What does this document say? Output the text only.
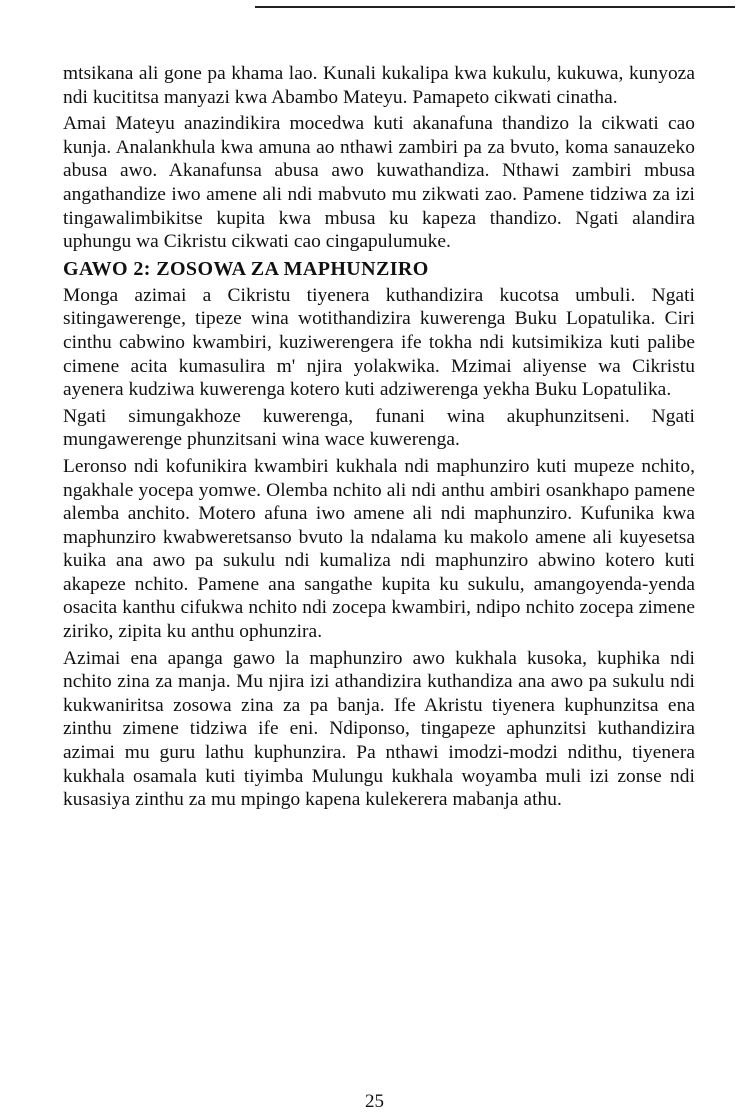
mtsikana ali gone pa khama lao. Kunali kukalipa kwa kukulu, kukuwa, kunyoza ndi kucititsa manyazi kwa Abambo Mateyu. Pamapeto cikwati cinatha.

Amai Mateyu anazindikira mocedwa kuti akanafuna thandizo la cikwati cao kunja. Analankhula kwa amuna ao nthawi zambiri pa za bvuto, koma sanauzeko abusa awo. Akanafunsa abusa awo kuwathandiza. Nthawi zambiri mbusa angathandize iwo amene ali ndi mabvuto mu zikwati zao. Pamene tidziwa za izi tingawalimbikitse kupita kwa mbusa ku kapeza thandizo. Ngati alandira uphungu wa Cikristu cikwati cao cingapulumuke.

GAWO 2: ZOSOWA ZA MAPHUNZIRO

Monga azimai a Cikristu tiyenera kuthandizira kucotsa umbuli. Ngati sitingawerenge, tipeze wina wotithandizira kuwerenga Buku Lopatulika. Ciri cinthu cabwino kwambiri, kuziwerengera ife tokha ndi kutsimikiza kuti palibe cimene acita kumasulira m' njira yolakwika. Mzimai aliyense wa Cikristu ayenera kudziwa kuwerenga kotero kuti adziwerenga yekha Buku Lopatulika.

Ngati simungakhoze kuwerenga, funani wina akuphunzitseni. Ngati mungawerenge phunzitsani wina wace kuwerenga.

Leronso ndi kofunikira kwambiri kukhala ndi maphunziro kuti mupeze nchito, ngakhale yocepa yomwe. Olemba nchito ali ndi anthu ambiri osankhapo pamene alemba anchito. Motero afuna iwo amene ali ndi maphunziro. Kufunika kwa maphunziro kwabweretsanso bvuto la ndalama ku makolo amene ali kuyesetsa kuika ana awo pa sukulu ndi kumaliza ndi maphunziro abwino kotero kuti akapeze nchito. Pamene ana sangathe kupita ku sukulu, amangoyenda-yenda osacita kanthu cifukwa nchito ndi zocepa kwambiri, ndipo nchito zocepa zimene ziriko, zipita ku anthu ophunzira.

Azimai ena apanga gawo la maphunziro awo kukhala kusoka, kuphika ndi nchito zina za manja. Mu njira izi athandizira kuthandiza ana awo pa sukulu ndi kukwaniritsa zosowa zina za pa banja. Ife Akristu tiyenera kuphunzitsa ena zinthu zimene tidziwa ife eni. Ndiponso, tingapeze aphunzitsi kuthandizira azimai mu guru lathu kuphunzira. Pa nthawi imodzi-modzi ndithu, tiyenera kukhala osamala kuti tiyimba Mulungu kukhala woyamba muli izi zonse ndi kusasiya zinthu za mu mpingo kapena kulekerera mabanja athu.

25
